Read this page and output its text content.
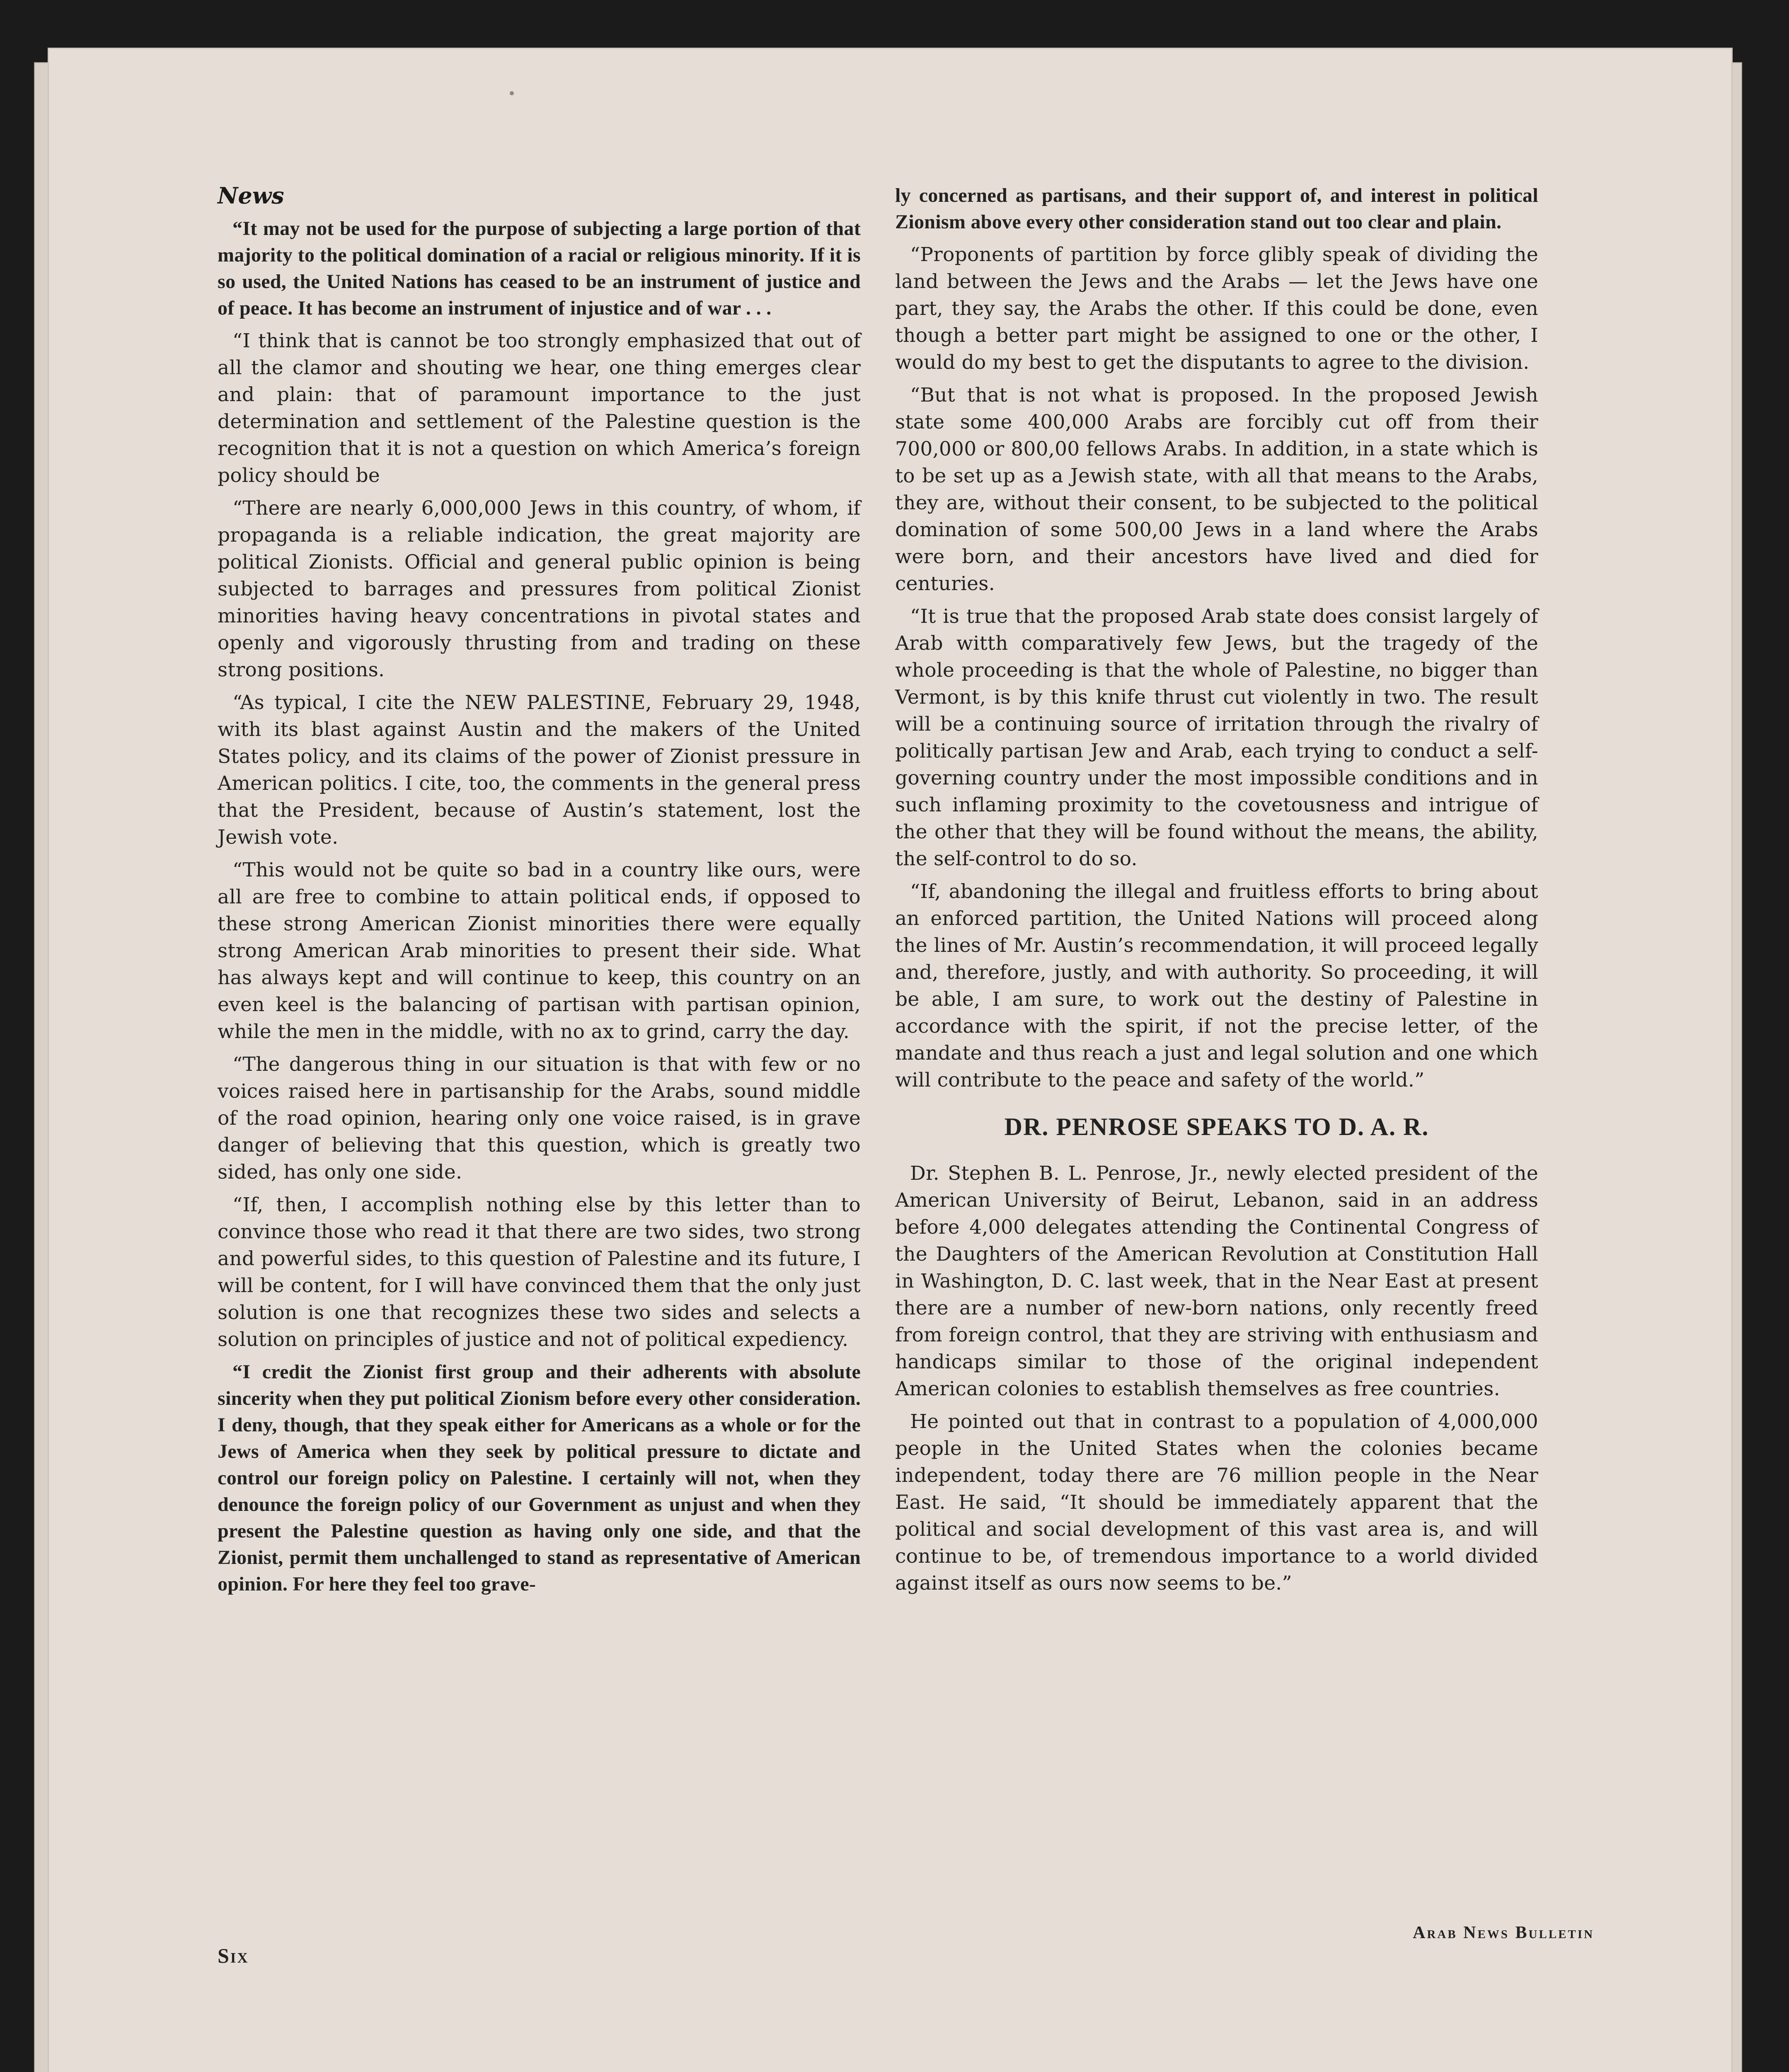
News

“It may not be used for the purpose of subjecting a large portion of that majority to the political domination of a racial or religious minority. If it is so used, the United Nations has ceased to be an instrument of justice and of peace. It has become an instrument of injustice and of war . . .

“I think that is cannot be too strongly emphasized that out of all the clamor and shouting we hear, one thing emerges clear and plain: that of paramount importance to the just determination and settlement of the Palestine question is the recognition that it is not a question on which America’s foreign policy should be

“There are nearly 6,000,000 Jews in this country, of whom, if propaganda is a reliable indication, the great majority are political Zionists. Official and general public opinion is being subjected to barrages and pressures from political Zionist minorities having heavy concentrations in pivotal states and openly and vigorously thrusting from and trading on these strong positions.

“As typical, I cite the NEW PALESTINE, February 29, 1948, with its blast against Austin and the makers of the United States policy, and its claims of the power of Zionist pressure in American politics. I cite, too, the comments in the general press that the President, because of Austin’s statement, lost the Jewish vote.

“This would not be quite so bad in a country like ours, were all are free to combine to attain political ends, if opposed to these strong American Zionist minorities there were equally strong American Arab minorities to present their side. What has always kept and will continue to keep, this country on an even keel is the balancing of partisan with partisan opinion, while the men in the middle, with no ax to grind, carry the day.

“The dangerous thing in our situation is that with few or no voices raised here in partisanship for the Arabs, sound middle of the road opinion, hearing only one voice raised, is in grave danger of believing that this question, which is greatly two sided, has only one side.

“If, then, I accomplish nothing else by this letter than to convince those who read it that there are two sides, two strong and powerful sides, to this question of Palestine and its future, I will be content, for I will have convinced them that the only just solution is one that recognizes these two sides and selects a solution on principles of justice and not of political expediency.

“I credit the Zionist first group and their adherents with absolute sincerity when they put political Zionism before every other consideration. I deny, though, that they speak either for Americans as a whole or for the Jews of America when they seek by political pressure to dictate and control our foreign policy on Palestine. I certainly will not, when they denounce the foreign policy of our Government as unjust and when they present the Palestine question as having only one side, and that the Zionist, permit them unchallenged to stand as representative of American opinion. For here they feel too grave-

ly concerned as partisans, and their support of, and interest in political Zionism above every other consideration stand out too clear and plain.

“Proponents of partition by force glibly speak of dividing the land between the Jews and the Arabs — let the Jews have one part, they say, the Arabs the other. If this could be done, even though a better part might be assigned to one or the other, I would do my best to get the disputants to agree to the division.

“But that is not what is proposed. In the proposed Jewish state some 400,000 Arabs are forcibly cut off from their 700,000 or 800,00 fellows Arabs. In addition, in a state which is to be set up as a Jewish state, with all that means to the Arabs, they are, without their consent, to be subjected to the political domination of some 500,00 Jews in a land where the Arabs were born, and their ancestors have lived and died for centuries.

“It is true that the proposed Arab state does consist largely of Arab witth comparatively few Jews, but the tragedy of the whole proceeding is that the whole of Palestine, no bigger than Vermont, is by this knife thrust cut violently in two. The result will be a continuing source of irritation through the rivalry of politically partisan Jew and Arab, each trying to conduct a self-governing country under the most impossible conditions and in such inflaming proximity to the covetousness and intrigue of the other that they will be found without the means, the ability, the self-control to do so.

“If, abandoning the illegal and fruitless efforts to bring about an enforced partition, the United Nations will proceed along the lines of Mr. Austin’s recommendation, it will proceed legally and, therefore, justly, and with authority. So proceeding, it will be able, I am sure, to work out the destiny of Palestine in accordance with the spirit, if not the precise letter, of the mandate and thus reach a just and legal solution and one which will contribute to the peace and safety of the world.”

DR. PENROSE SPEAKS TO D. A. R.

Dr. Stephen B. L. Penrose, Jr., newly elected president of the American University of Beirut, Lebanon, said in an address before 4,000 delegates attending the Continental Congress of the Daughters of the American Revolution at Constitution Hall in Washington, D. C. last week, that in the Near East at present there are a number of new-born nations, only recently freed from foreign control, that they are striving with enthusiasm and handicaps similar to those of the original independent American colonies to establish themselves as free countries.

He pointed out that in contrast to a population of 4,000,000 people in the United States when the colonies became independent, today there are 76 million people in the Near East. He said, “It should be immediately apparent that the political and social development of this vast area is, and will continue to be, of tremendous importance to a world divided against itself as ours now seems to be.”

Six
Arab News Bulletin
